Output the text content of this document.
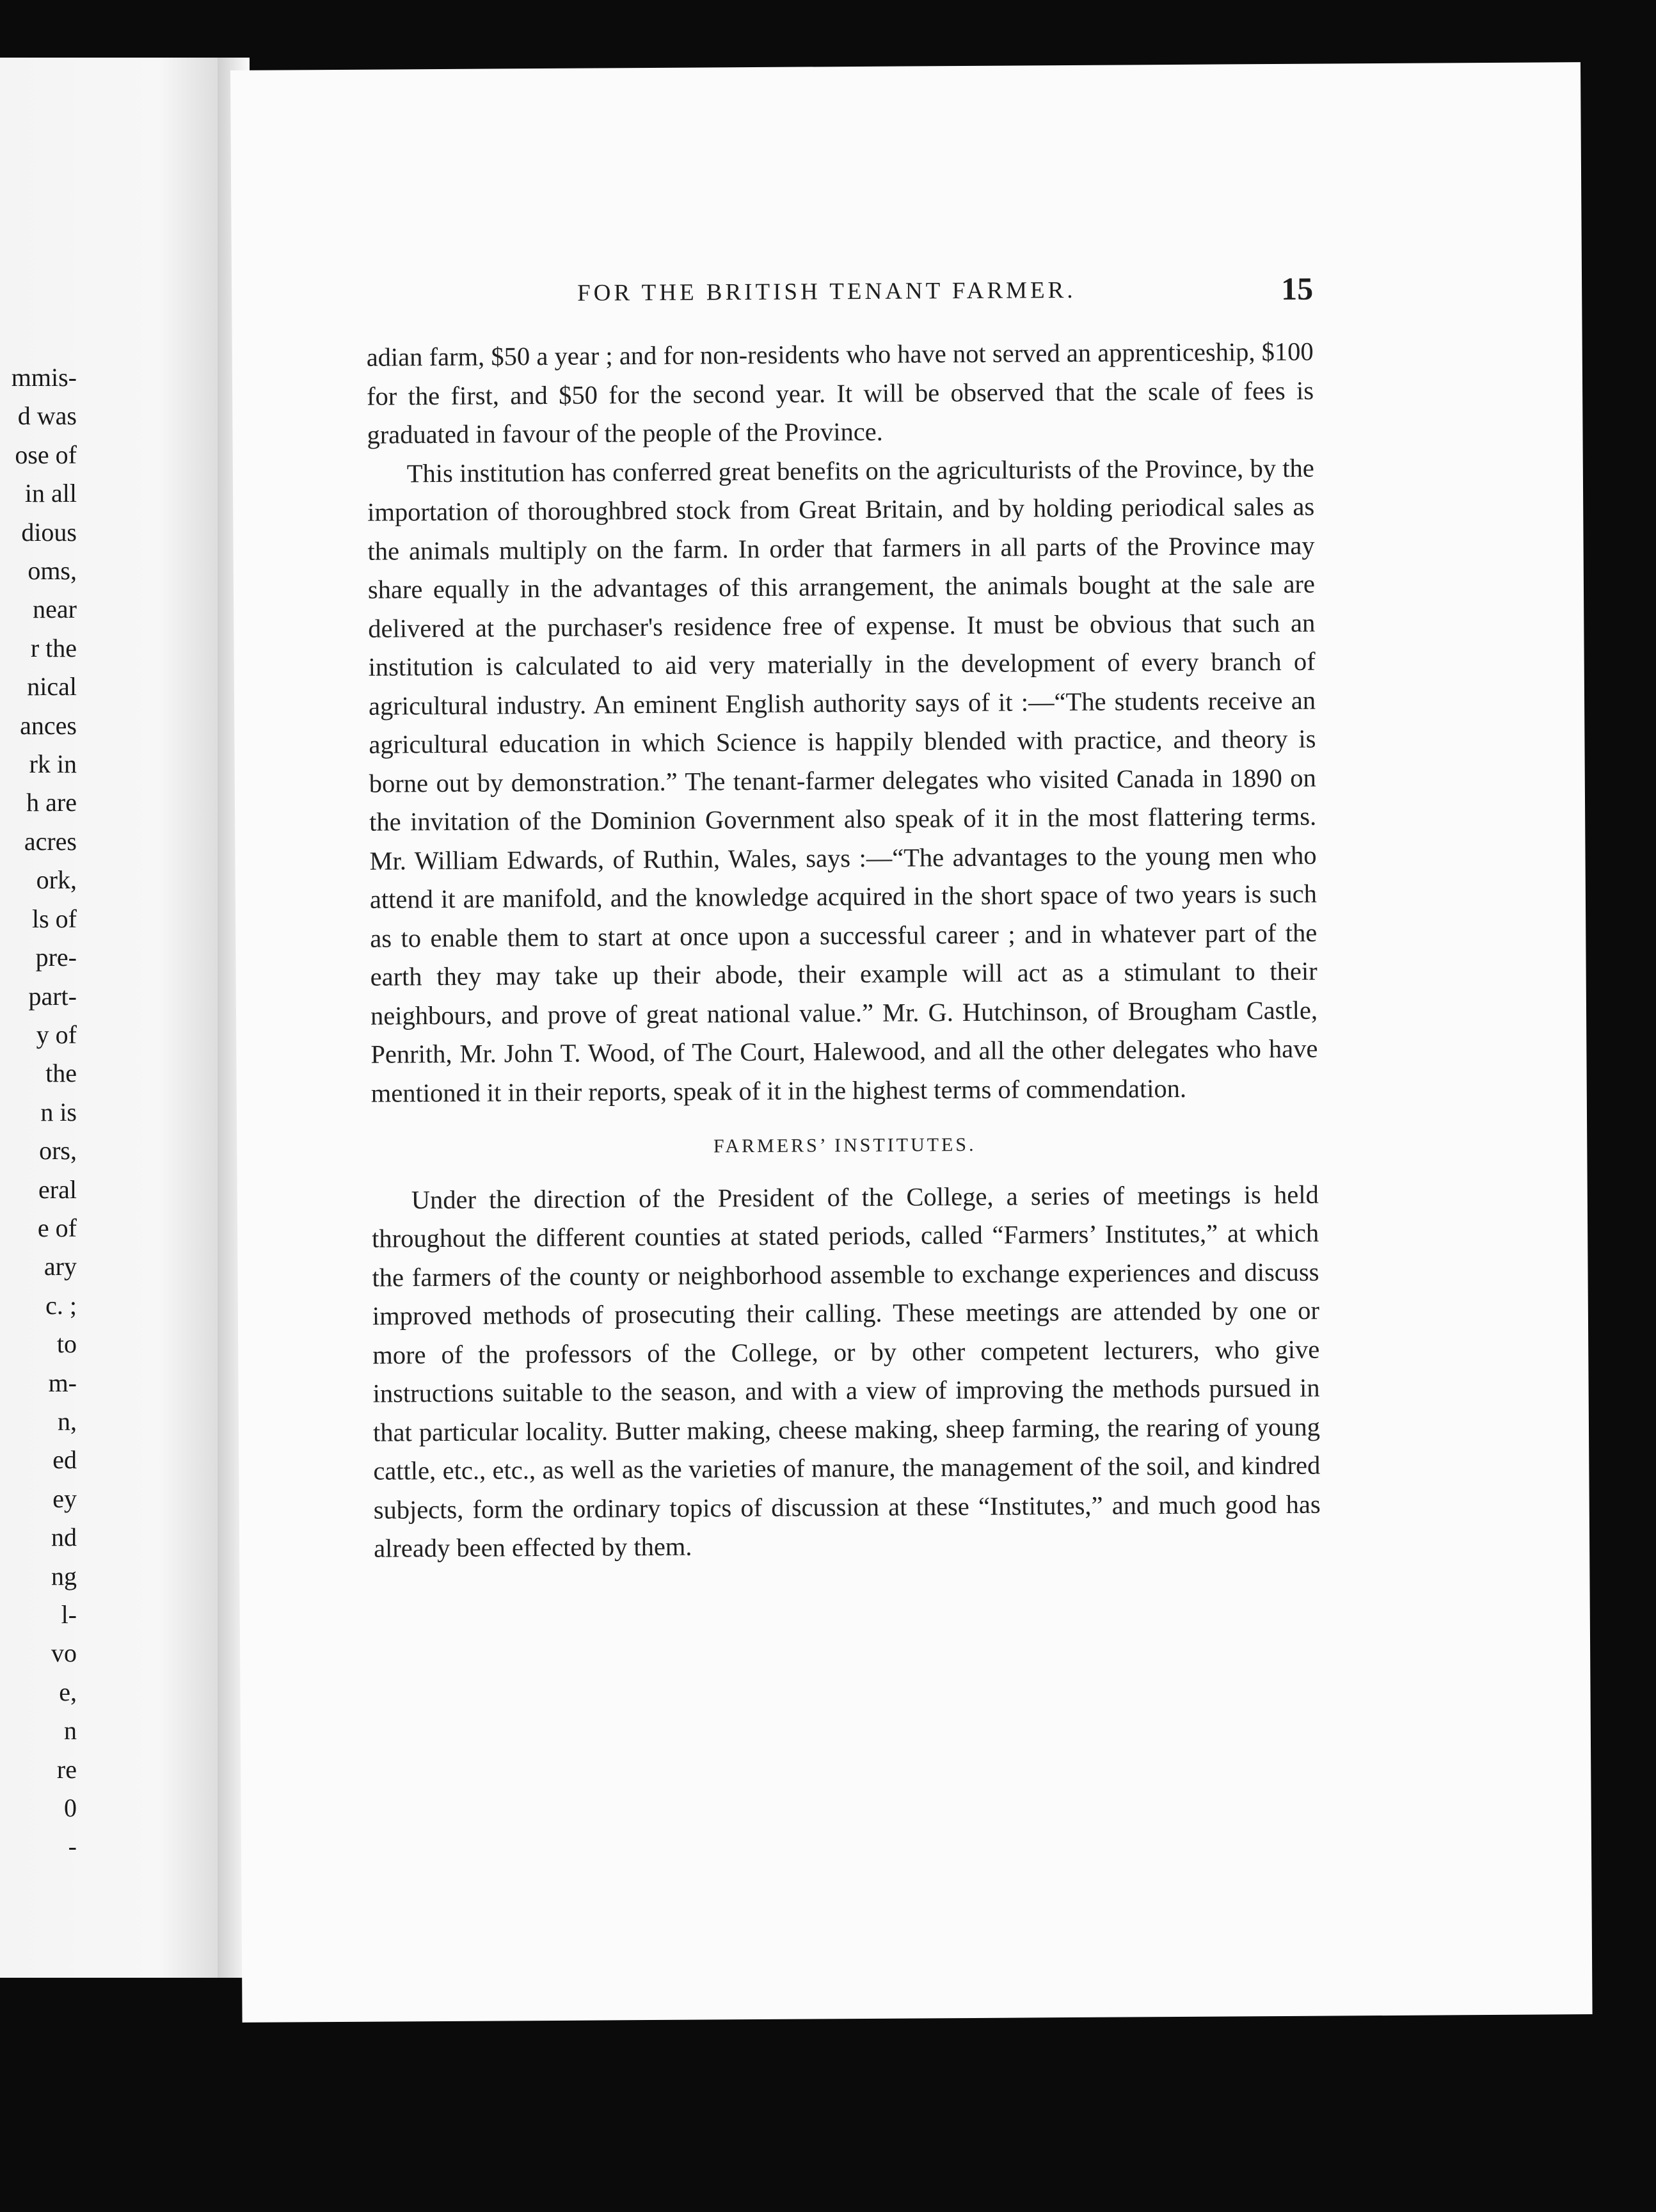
mmis-
d was
ose of
in all
dious
oms,
near
r the
nical
ances
rk in
h are
acres
ork,
ls of
pre-
part-
y of
the
n is
ors,
eral
e of
ary
c. ;
to
m-
n,
ed
ey
nd
ng
l-
vo
e,
n
re
0
-
FOR THE BRITISH TENANT FARMER.	15

adian farm, $50 a year ; and for non-residents who have not served an apprenticeship, $100 for the first, and $50 for the second year. It will be observed that the scale of fees is graduated in favour of the people of the Province.

This institution has conferred great benefits on the agriculturists of the Province, by the importation of thoroughbred stock from Great Britain, and by holding periodical sales as the animals multiply on the farm. In order that farmers in all parts of the Province may share equally in the advantages of this arrangement, the animals bought at the sale are delivered at the purchaser's residence free of expense. It must be obvious that such an institution is calculated to aid very materially in the development of every branch of agricultural industry. An eminent English authority says of it :—“The students receive an agricultural education in which Science is happily blended with practice, and theory is borne out by demonstration.” The tenant-farmer delegates who visited Canada in 1890 on the invitation of the Dominion Government also speak of it in the most flattering terms. Mr. William Edwards, of Ruthin, Wales, says :—“The advantages to the young men who attend it are manifold, and the knowledge acquired in the short space of two years is such as to enable them to start at once upon a successful career ; and in whatever part of the earth they may take up their abode, their example will act as a stimulant to their neighbours, and prove of great national value.” Mr. G. Hutchinson, of Brougham Castle, Penrith, Mr. John T. Wood, of The Court, Halewood, and all the other delegates who have mentioned it in their reports, speak of it in the highest terms of commendation.

FARMERS’ INSTITUTES.

Under the direction of the President of the College, a series of meetings is held throughout the different counties at stated periods, called “Farmers’ Institutes,” at which the farmers of the county or neighborhood assemble to exchange experiences and discuss improved methods of prosecuting their calling. These meetings are attended by one or more of the professors of the College, or by other competent lecturers, who give instructions suitable to the season, and with a view of improving the methods pursued in that particular locality. Butter making, cheese making, sheep farming, the rearing of young cattle, etc., etc., as well as the varieties of manure, the management of the soil, and kindred subjects, form the ordinary topics of discussion at these “Institutes,” and much good has already been effected by them.
